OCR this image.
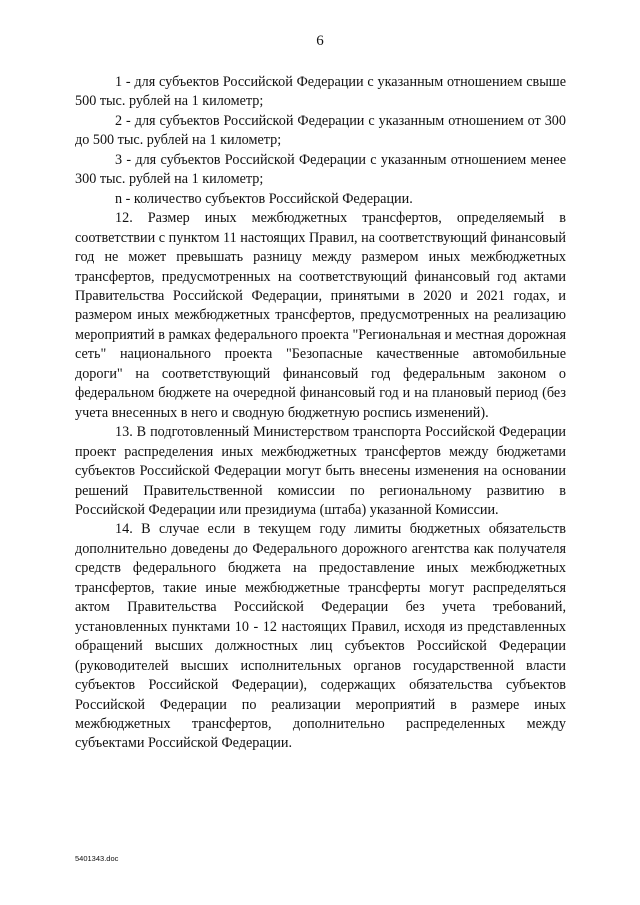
6

1 - для субъектов Российской Федерации с указанным отношением свыше 500 тыс. рублей на 1 километр;

2 - для субъектов Российской Федерации с указанным отношением от 300 до 500 тыс. рублей на 1 километр;

3 - для субъектов Российской Федерации с указанным отношением менее 300 тыс. рублей на 1 километр;

n - количество субъектов Российской Федерации.

12. Размер иных межбюджетных трансфертов, определяемый в соответствии с пунктом 11 настоящих Правил, на соответствующий финансовый год не может превышать разницу между размером иных межбюджетных трансфертов, предусмотренных на соответствующий финансовый год актами Правительства Российской Федерации, принятыми в 2020 и 2021 годах, и размером иных межбюджетных трансфертов, предусмотренных на реализацию мероприятий в рамках федерального проекта "Региональная и местная дорожная сеть" национального проекта "Безопасные качественные автомобильные дороги" на соответствующий финансовый год федеральным законом о федеральном бюджете на очередной финансовый год и на плановый период (без учета внесенных в него и сводную бюджетную роспись изменений).

13. В подготовленный Министерством транспорта Российской Федерации проект распределения иных межбюджетных трансфертов между бюджетами субъектов Российской Федерации могут быть внесены изменения на основании решений Правительственной комиссии по региональному развитию в Российской Федерации или президиума (штаба) указанной Комиссии.

14. В случае если в текущем году лимиты бюджетных обязательств дополнительно доведены до Федерального дорожного агентства как получателя средств федерального бюджета на предоставление иных межбюджетных трансфертов, такие иные межбюджетные трансферты могут распределяться актом Правительства Российской Федерации без учета требований, установленных пунктами 10 - 12 настоящих Правил, исходя из представленных обращений высших должностных лиц субъектов Российской Федерации (руководителей высших исполнительных органов государственной власти субъектов Российской Федерации), содержащих обязательства субъектов Российской Федерации по реализации мероприятий в размере иных межбюджетных трансфертов, дополнительно распределенных между субъектами Российской Федерации.

5401343.doc
